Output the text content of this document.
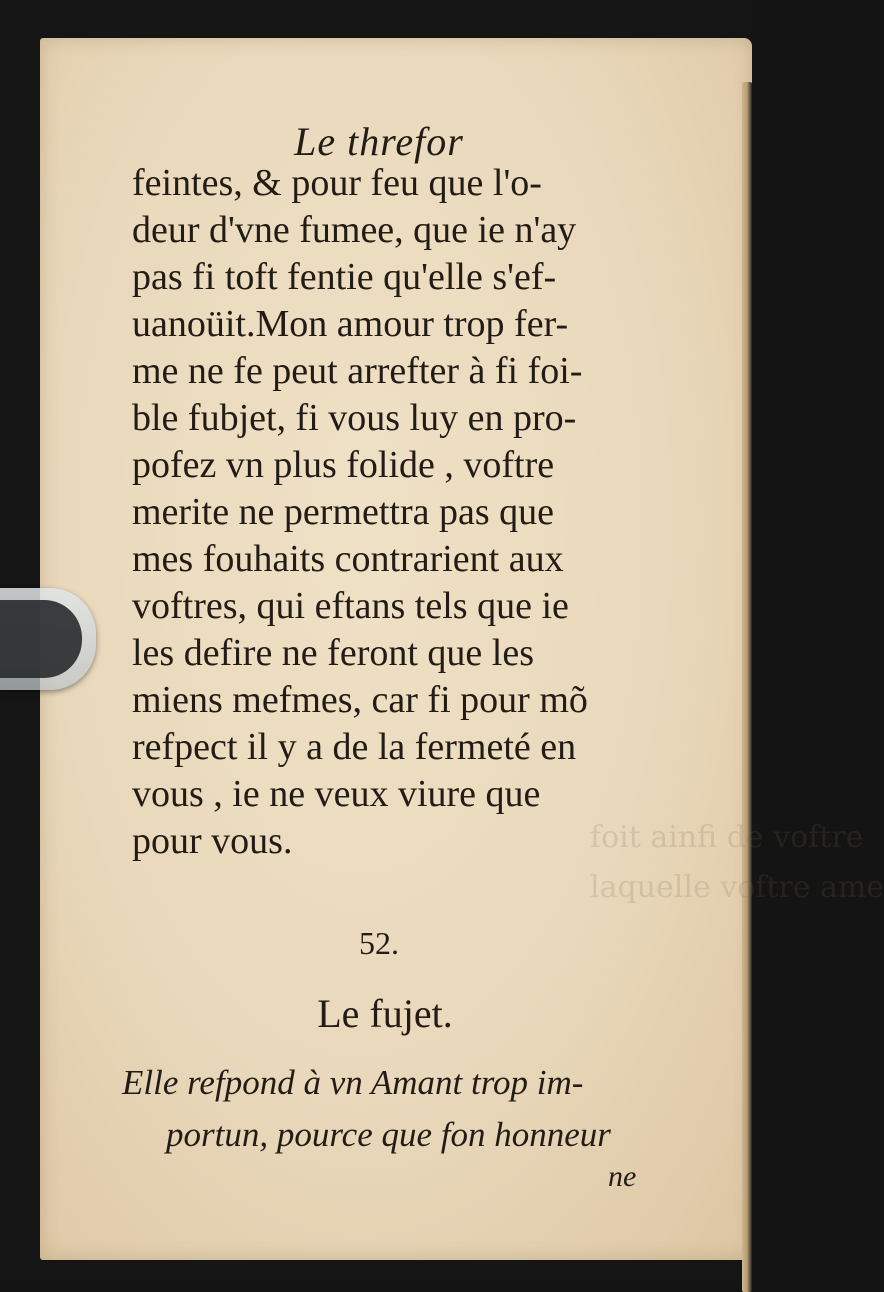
foit ainfi de voftre
laquelle voftre ame
Le threfor
feintes, & pour feu que l'o-
deur d'vne fumee, que ie n'ay
pas fi toft fentie qu'elle s'ef-
uanoüit.Mon amour trop fer-
me ne fe peut arrefter à fi foi-
ble fubjet, fi vous luy en pro-
pofez vn plus folide , voftre
merite ne permettra pas que
mes fouhaits contrarient aux
voftres, qui eftans tels que ie
les defire ne feront que les
miens mefmes, car fi pour mõ
refpect il y a de la fermeté en
vous , ie ne veux viure que
pour vous.
52.
Le fujet.
Elle refpond à vn Amant trop im-
portun, pource que fon honneur
ne
